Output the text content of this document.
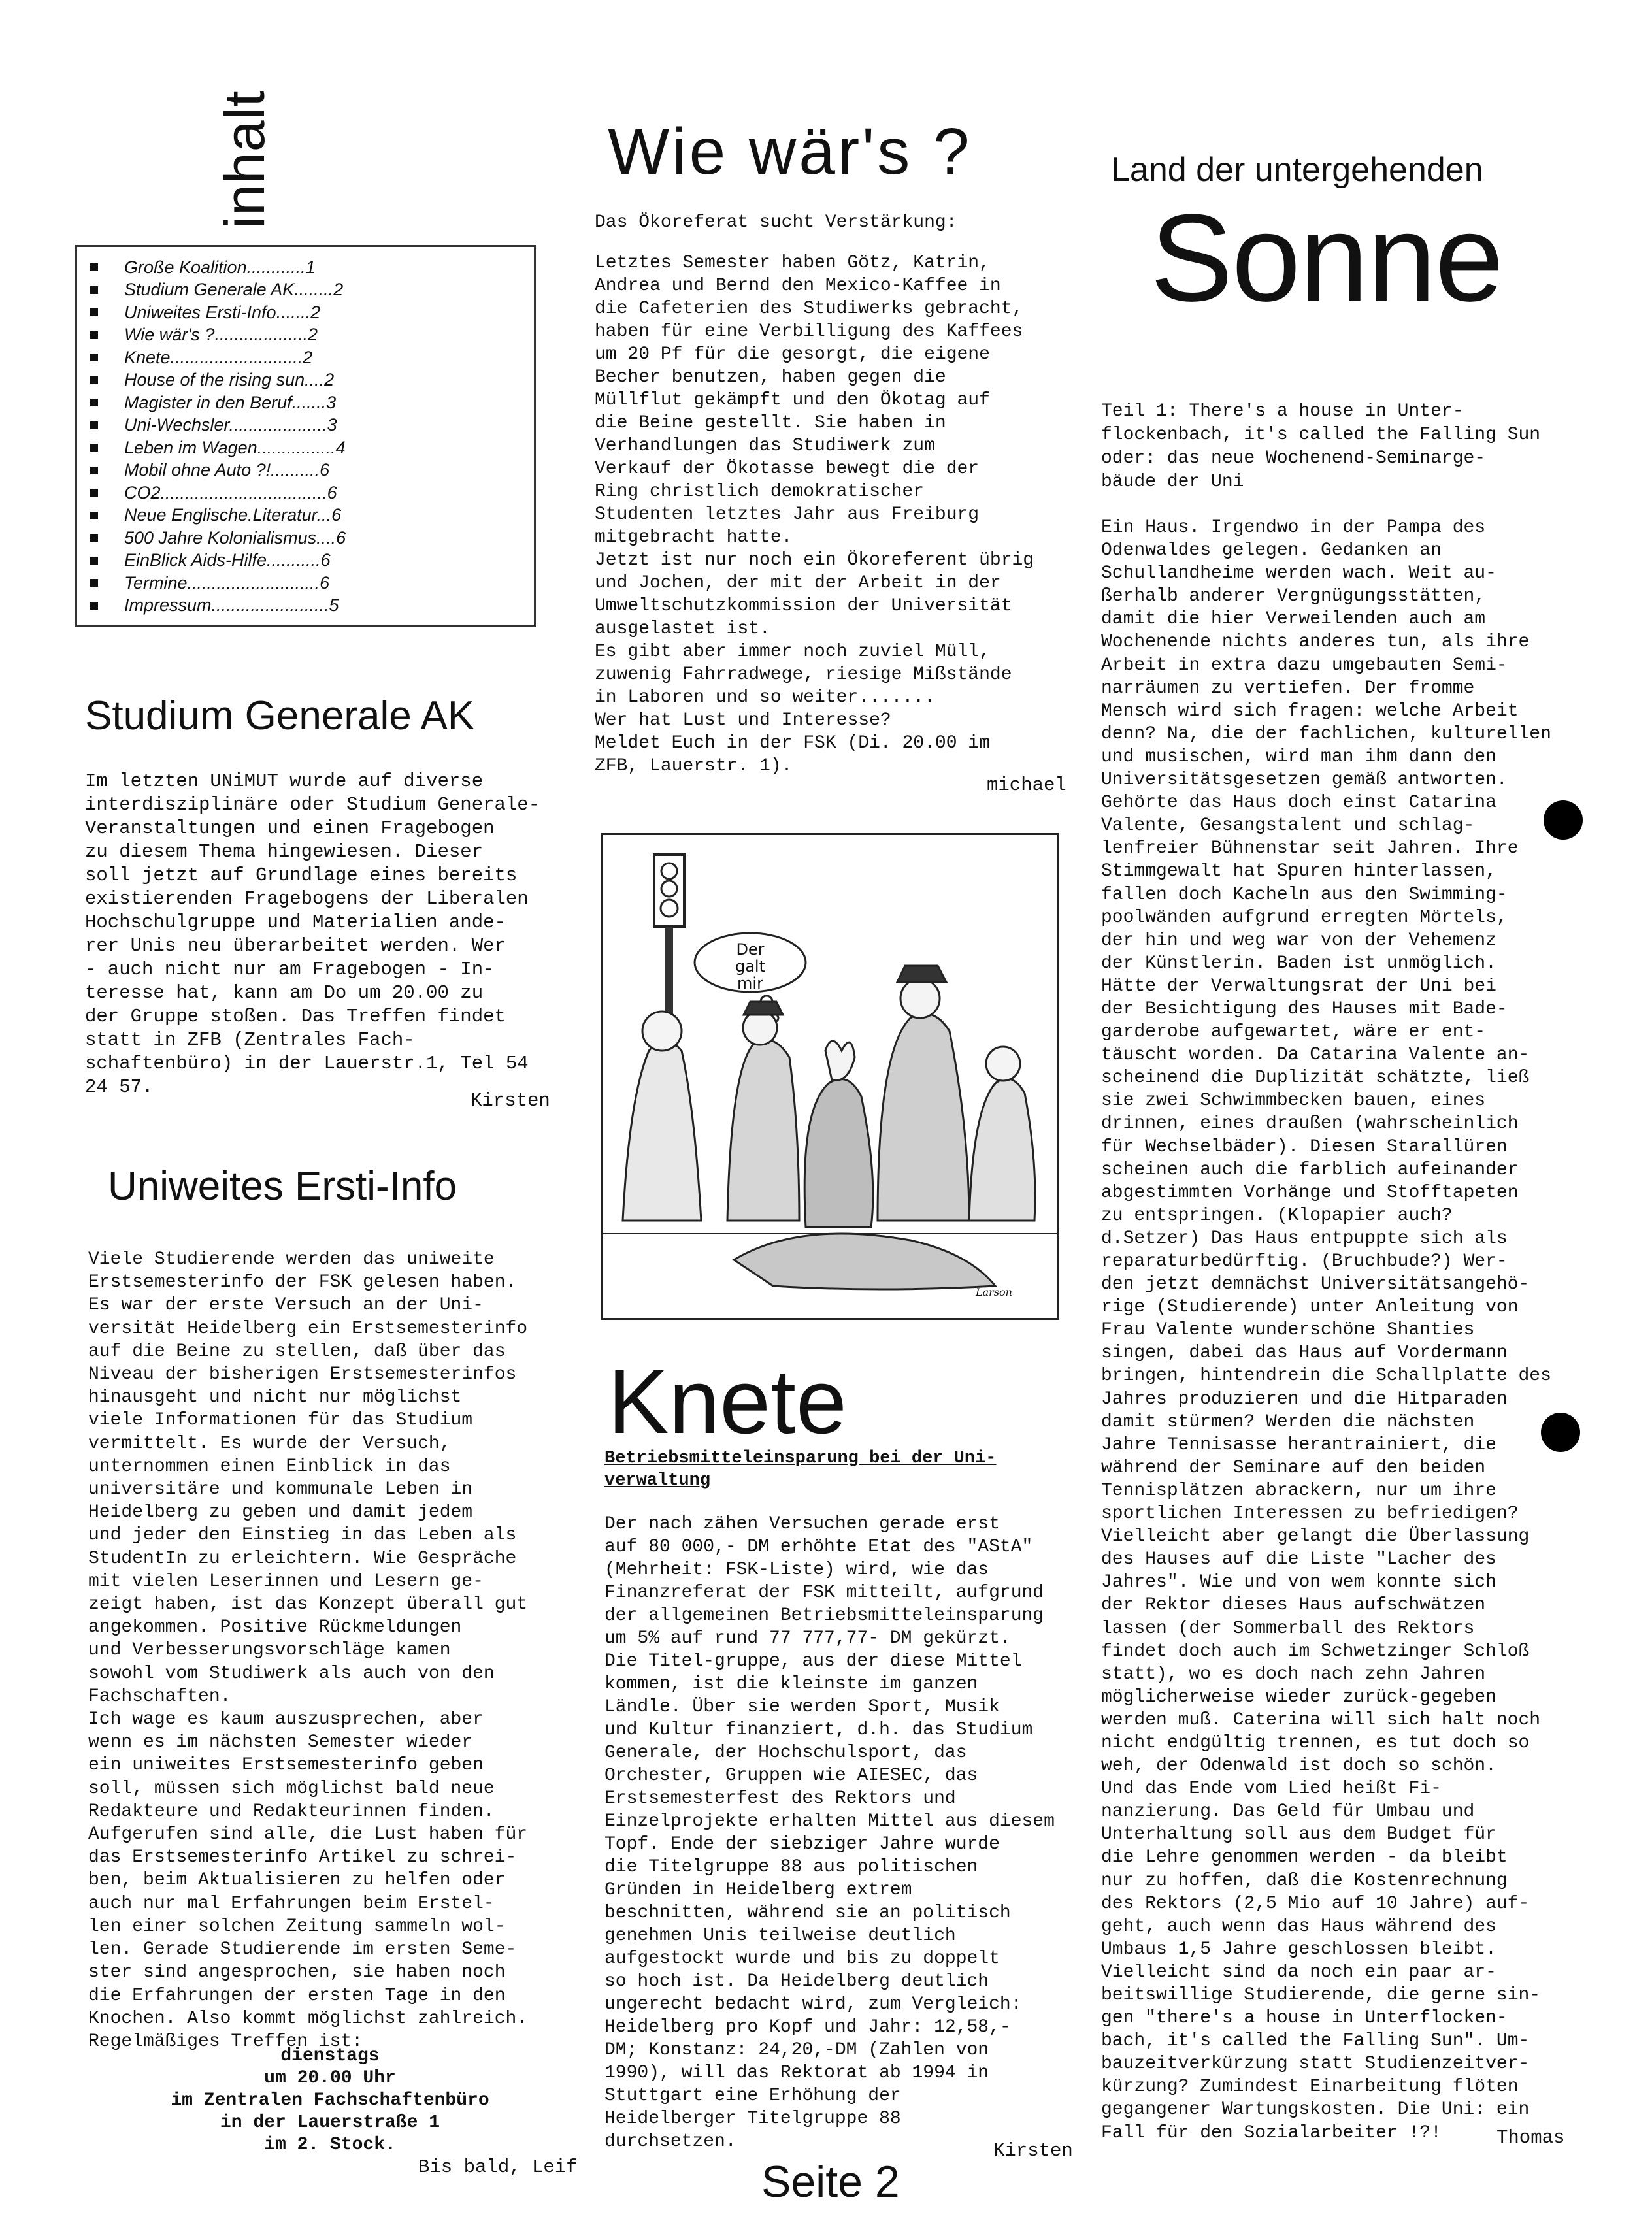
inhalt
Große Koalition............1
Studium Generale AK........2
Uniweites Ersti-Info.......2
Wie wär's ?...................2
Knete...........................2
House of the rising sun....2
Magister in den Beruf.......3
Uni-Wechsler....................3
Leben im Wagen................4
Mobil ohne Auto ?!..........6
CO2..................................6
Neue Englische.Literatur...6
500 Jahre Kolonialismus....6
EinBlick Aids-Hilfe...........6
Termine...........................6
Impressum........................5
Studium Generale AK

Im letzten UNiMUT wurde auf diverse
interdisziplinäre oder Studium Generale-
Veranstaltungen und einen Fragebogen
zu diesem Thema hingewiesen. Dieser
soll jetzt auf Grundlage eines bereits
existierenden Fragebogens der Liberalen
Hochschulgruppe und Materialien ande-
rer Unis neu überarbeitet werden. Wer
- auch nicht nur am Fragebogen - In-
teresse hat, kann am Do um 20.00 zu
der Gruppe stoßen. Das Treffen findet
statt in ZFB (Zentrales Fach-
schaftenbüro) in der Lauerstr.1, Tel 54
24 57.

Kirsten
Uniweites Ersti-Info

Viele Studierende werden das uniweite
Erstsemesterinfo der FSK gelesen haben.
Es war der erste Versuch an der Uni-
versität Heidelberg ein Erstsemesterinfo
auf die Beine zu stellen, daß über das
Niveau der bisherigen Erstsemesterinfos
hinausgeht und nicht nur möglichst
viele Informationen für das Studium
vermittelt. Es wurde der Versuch,
unternommen einen Einblick in das
universitäre und kommunale Leben in
Heidelberg zu geben und damit jedem
und jeder den Einstieg in das Leben als
StudentIn zu erleichtern. Wie Gespräche
mit vielen Leserinnen und Lesern ge-
zeigt haben, ist das Konzept überall gut
angekommen. Positive Rückmeldungen
und Verbesserungsvorschläge kamen
sowohl vom Studiwerk als auch von den
Fachschaften.
Ich wage es kaum auszusprechen, aber
wenn es im nächsten Semester wieder
ein uniweites Erstsemesterinfo geben
soll, müssen sich möglichst bald neue
Redakteure und Redakteurinnen finden.
Aufgerufen sind alle, die Lust haben für
das Erstsemesterinfo Artikel zu schrei-
ben, beim Aktualisieren zu helfen oder
auch nur mal Erfahrungen beim Erstel-
len einer solchen Zeitung sammeln wol-
len. Gerade Studierende im ersten Seme-
ster sind angesprochen, sie haben noch
die Erfahrungen der ersten Tage in den
Knochen. Also kommt möglichst zahlreich.
Regelmäßiges Treffen ist:

dienstags
um 20.00 Uhr
im Zentralen Fachschaftenbüro
in der Lauerstraße 1
im 2. Stock.
Bis bald, Leif
Wie wär's ?
Das Ökoreferat sucht Verstärkung:

Letztes Semester haben Götz, Katrin,
Andrea und Bernd den Mexico-Kaffee in
die Cafeterien des Studiwerks gebracht,
haben für eine Verbilligung des Kaffees
um 20 Pf für die gesorgt, die eigene
Becher benutzen, haben gegen die
Müllflut gekämpft und den Ökotag auf
die Beine gestellt. Sie haben in
Verhandlungen das Studiwerk zum
Verkauf der Ökotasse bewegt die der
Ring christlich demokratischer
Studenten letztes Jahr aus Freiburg
mitgebracht hatte.
Jetzt ist nur noch ein Ökoreferent übrig
und Jochen, der mit der Arbeit in der
Umweltschutzkommission der Universität
ausgelastet ist.
Es gibt aber immer noch zuviel Müll,
zuwenig Fahrradwege, riesige Mißstände
in Laboren und so weiter.......
Wer hat Lust und Interesse?
Meldet Euch in der FSK (Di. 20.00 im
ZFB, Lauerstr. 1).

michael
Der galt mir
Larson
Knete

Betriebsmitteleinsparung bei der Uni-
verwaltung

Der nach zähen Versuchen gerade erst
auf 80 000,- DM erhöhte Etat des "AStA"
(Mehrheit: FSK-Liste) wird, wie das
Finanzreferat der FSK mitteilt, aufgrund
der allgemeinen Betriebsmitteleinsparung
um 5% auf rund 77 777,77- DM gekürzt.
Die Titel-gruppe, aus der diese Mittel
kommen, ist die kleinste im ganzen
Ländle. Über sie werden Sport, Musik
und Kultur finanziert, d.h. das Studium
Generale, der Hochschulsport, das
Orchester, Gruppen wie AIESEC, das
Erstsemesterfest des Rektors und
Einzelprojekte erhalten Mittel aus diesem
Topf. Ende der siebziger Jahre wurde
die Titelgruppe 88 aus politischen
Gründen in Heidelberg extrem
beschnitten, während sie an politisch
genehmen Unis teilweise deutlich
aufgestockt wurde und bis zu doppelt
so hoch ist. Da Heidelberg deutlich
ungerecht bedacht wird, zum Vergleich:
Heidelberg pro Kopf und Jahr: 12,58,-
DM; Konstanz: 24,20,-DM (Zahlen von
1990), will das Rektorat ab 1994 in
Stuttgart eine Erhöhung der
Heidelberger Titelgruppe 88
durchsetzen.	Kirsten
Seite 2
Land der untergehenden
Sonne

Teil 1: There's a house in Unter-
flockenbach, it's called the Falling Sun
oder: das neue Wochenend-Seminarge-
bäude der Uni

Ein Haus. Irgendwo in der Pampa des
Odenwaldes gelegen. Gedanken an
Schullandheime werden wach. Weit au-
ßerhalb anderer Vergnügungsstätten,
damit die hier Verweilenden auch am
Wochenende nichts anderes tun, als ihre
Arbeit in extra dazu umgebauten Semi-
narräumen zu vertiefen. Der fromme
Mensch wird sich fragen: welche Arbeit
denn? Na, die der fachlichen, kulturellen
und musischen, wird man ihm dann den
Universitätsgesetzen gemäß antworten.
Gehörte das Haus doch einst Catarina
Valente, Gesangstalent und schlag-
lenfreier Bühnenstar seit Jahren. Ihre
Stimmgewalt hat Spuren hinterlassen,
fallen doch Kacheln aus den Swimming-
poolwänden aufgrund erregten Mörtels,
der hin und weg war von der Vehemenz
der Künstlerin. Baden ist unmöglich.
Hätte der Verwaltungsrat der Uni bei
der Besichtigung des Hauses mit Bade-
garderobe aufgewartet, wäre er ent-
täuscht worden. Da Catarina Valente an-
scheinend die Duplizität schätzte, ließ
sie zwei Schwimmbecken bauen, eines
drinnen, eines draußen (wahrscheinlich
für Wechselbäder). Diesen Starallüren
scheinen auch die farblich aufeinander
abgestimmten Vorhänge und Stofftapeten
zu entspringen. (Klopapier auch?
d.Setzer) Das Haus entpuppte sich als
reparaturbedürftig. (Bruchbude?) Wer-
den jetzt demnächst Universitätsangehö-
rige (Studierende) unter Anleitung von
Frau Valente wunderschöne Shanties
singen, dabei das Haus auf Vordermann
bringen, hintendrein die Schallplatte des
Jahres produzieren und die Hitparaden
damit stürmen? Werden die nächsten
Jahre Tennisasse herantrainiert, die
während der Seminare auf den beiden
Tennisplätzen abrackern, nur um ihre
sportlichen Interessen zu befriedigen?
Vielleicht aber gelangt die Überlassung
des Hauses auf die Liste "Lacher des
Jahres". Wie und von wem konnte sich
der Rektor dieses Haus aufschwätzen
lassen (der Sommerball des Rektors
findet doch auch im Schwetzinger Schloß
statt), wo es doch nach zehn Jahren
möglicherweise wieder zurück-gegeben
werden muß. Caterina will sich halt noch
nicht endgültig trennen, es tut doch so
weh, der Odenwald ist doch so schön.
Und das Ende vom Lied heißt Fi-
nanzierung. Das Geld für Umbau und
Unterhaltung soll aus dem Budget für
die Lehre genommen werden - da bleibt
nur zu hoffen, daß die Kostenrechnung
des Rektors (2,5 Mio auf 10 Jahre) auf-
geht, auch wenn das Haus während des
Umbaus 1,5 Jahre geschlossen bleibt.
Vielleicht sind da noch ein paar ar-
beitswillige Studierende, die gerne sin-
gen "there's a house in Unterflocken-
bach, it's called the Falling Sun". Um-
bauzeitverkürzung statt Studienzeitver-
kürzung? Zumindest Einarbeitung flöten
gegangener Wartungskosten. Die Uni: ein
Fall für den Sozialarbeiter !?!	Thomas
